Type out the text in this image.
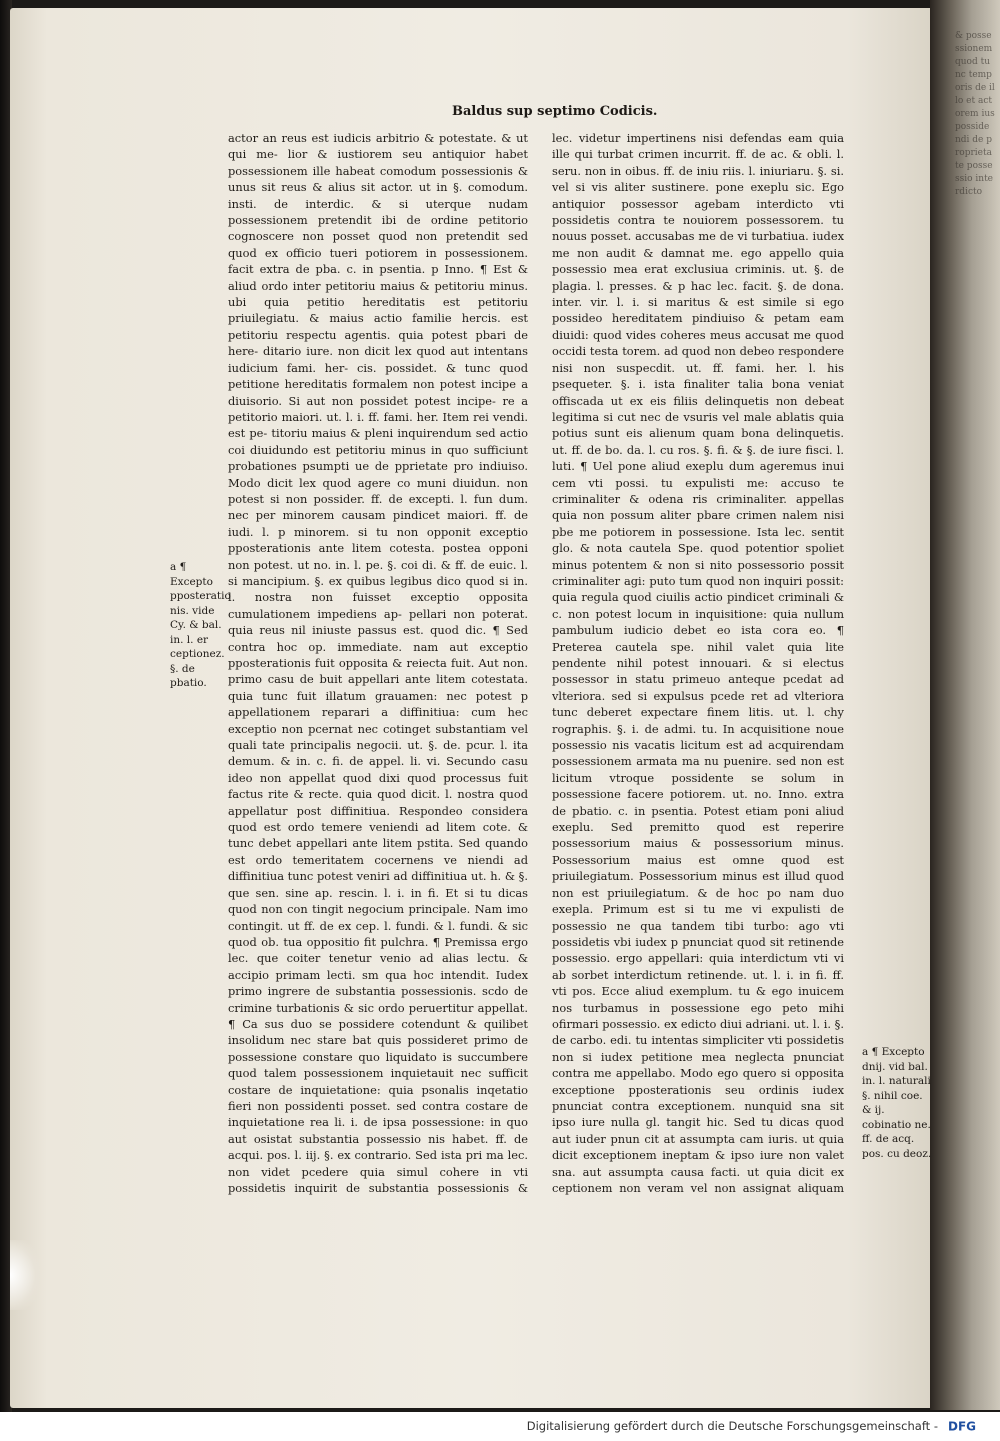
& possessionem quod tunc temporis de illo et actorem ius possidendi de proprietate possessio interdicto
Baldus sup septimo Codicis.
actor an reus est iudicis arbitrio & potestate. & ut qui me- lior & iustiorem seu antiquior habet possessionem ille habeat comodum possessionis & unus sit reus & alius sit actor. ut in §. comodum. insti. de interdic. & si uterque nudam possessionem pretendit ibi de ordine petitorio cognoscere non posset quod non pretendit sed quod ex officio tueri potiorem in possessionem. facit extra de pba. c. in psentia. p Inno. ¶ Est & aliud ordo inter petitoriu maius & petitoriu minus. ubi quia petitio hereditatis est petitoriu priuilegiatu. & maius actio familie hercis. est petitoriu respectu agentis. quia potest pbari de here- ditario iure. non dicit lex quod aut intentans iudicium fami. her- cis. possidet. & tunc quod petitione hereditatis formalem non potest incipe a diuisorio. Si aut non possidet potest incipe- re a petitorio maiori. ut. l. i. ff. fami. her. Item rei vendi. est pe- titoriu maius & pleni inquirendum sed actio coi diuidundo est petitoriu minus in quo sufficiunt probationes psumpti ue de pprietate pro indiuiso. Modo dicit lex quod agere co muni diuidun. non potest si non possider. ff. de excepti. l. fun dum. nec per minorem causam pindicet maiori. ff. de iudi. l. p minorem. si tu non opponit exceptio pposterationis ante litem cotesta. postea opponi non potest. ut no. in. l. pe. §. coi di. & ff. de euic. l. si mancipium. §. ex quibus legibus dico quod si in. l. nostra non fuisset exceptio opposita cumulationem impediens ap- pellari non poterat. quia reus nil iniuste passus est. quod dic. ¶ Sed contra hoc op. immediate. nam aut exceptio pposterationis fuit opposita & reiecta fuit. Aut non. primo casu de buit appellari ante litem cotestata. quia tunc fuit illatum grauamen: nec potest p appellationem reparari a diffinitiua: cum hec exceptio non pcernat nec cotinget substantiam vel quali tate principalis negocii. ut. §. de. pcur. l. ita demum. & in. c. fi. de appel. li. vi. Secundo casu ideo non appellat quod dixi quod processus fuit factus rite & recte. quia quod dicit. l. nostra quod appellatur post diffinitiua. Respondeo considera quod est ordo temere veniendi ad litem cote. & tunc debet appellari ante litem pstita. Sed quando est ordo temeritatem cocernens ve niendi ad diffinitiua tunc potest veniri ad diffinitiua ut. h. & §. que sen. sine ap. rescin. l. i. in fi. Et si tu dicas quod non con tingit negocium principale. Nam imo contingit. ut ff. de ex cep. l. fundi. & l. fundi. & sic quod ob. tua oppositio fit pulchra. ¶ Premissa ergo lec. que coiter tenetur venio ad alias lectu. & accipio primam lecti. sm qua hoc intendit. Iudex primo ingrere de substantia possessionis. scdo de crimine turbationis & sic ordo peruertitur appellat. ¶ Ca sus duo se possidere cotendunt & quilibet insolidum nec stare bat quis possideret primo de possessione constare quo liquidato is succumbere quod talem possessionem inquietauit nec sufficit costare de inquietatione: quia psonalis inqetatio fieri non possidenti posset. sed contra costare de inquietatione rea li. i. de ipsa possessione: in quo aut osistat substantia possessio nis habet. ff. de acqui. pos. l. iij. §. ex contrario. Sed ista pri ma lec. non videt pcedere quia simul cohere in vti possidetis inquirit de substantia possessionis &
lec. videtur impertinens nisi defendas eam quia ille qui turbat crimen incurrit. ff. de ac. & obli. l. seru. non in oibus. ff. de iniu riis. l. iniuriaru. §. si. vel si vis aliter sustinere. pone exeplu sic. Ego antiquior possessor agebam interdicto vti possidetis contra te nouiorem possessorem. tu nouus posset. accusabas me de vi turbatiua. iudex me non audit & damnat me. ego appello quia possessio mea erat exclusiua criminis. ut. §. de plagia. l. presses. & p hac lec. facit. §. de dona. inter. vir. l. i. si maritus & est simile si ego possideo hereditatem pindiuiso & petam eam diuidi: quod vides coheres meus accusat me quod occidi testa torem. ad quod non debeo respondere nisi non suspecdit. ut. ff. fami. her. l. his psequeter. §. i. ista finaliter talia bona veniat offiscada ut ex eis filiis delinquetis non debeat legitima si cut nec de vsuris vel male ablatis quia potius sunt eis alienum quam bona delinquetis. ut. ff. de bo. da. l. cu ros. §. fi. & §. de iure fisci. l. luti. ¶ Uel pone aliud exeplu dum ageremus inui cem vti possi. tu expulisti me: accuso te criminaliter & odena ris criminaliter. appellas quia non possum aliter pbare crimen nalem nisi pbe me potiorem in possessione. Ista lec. sentit glo. & nota cautela Spe. quod potentior spoliet minus potentem & non si nito possessorio possit criminaliter agi: puto tum quod non inquiri possit: quia regula quod ciuilis actio pindicet criminali & c. non potest locum in inquisitione: quia nullum pambulum iudicio debet eo ista cora eo. ¶ Preterea cautela spe. nihil valet quia lite pendente nihil potest innouari. & si electus possessor in statu primeuo anteque pcedat ad vlteriora. sed si expulsus pcede ret ad vlteriora tunc deberet expectare finem litis. ut. l. chy rographis. §. i. de admi. tu. In acquisitione noue possessio nis vacatis licitum est ad acquirendam possessionem armata ma nu puenire. sed non est licitum vtroque possidente se solum in possessione facere potiorem. ut. no. Inno. extra de pbatio. c. in psentia. Potest etiam poni aliud exeplu. Sed premitto quod est reperire possessorium maius & possessorium minus. Possessorium maius est omne quod est priuilegiatum. Possessorium minus est illud quod non est priuilegiatum. & de hoc po nam duo exepla. Primum est si tu me vi expulisti de possessio ne qua tandem tibi turbo: ago vti possidetis vbi iudex p pnunciat quod sit retinende possessio. ergo appellari: quia interdictum vti vi ab sorbet interdictum retinende. ut. l. i. in fi. ff. vti pos. Ecce aliud exemplum. tu & ego inuicem nos turbamus in possessione ego peto mihi ofirmari possessio. ex edicto diui adriani. ut. l. i. §. de carbo. edi. tu intentas simpliciter vti possidetis non si iudex petitione mea neglecta pnunciat contra me appellabo. Modo ego quero si opposita exceptione pposterationis seu ordinis iudex pnunciat contra exceptionem. nunquid sna sit ipso iure nulla gl. tangit hic. Sed tu dicas quod aut iuder pnun cit at assumpta cam iuris. ut quia dicit exceptionem ineptam & ipso iure non valet sna. aut assumpta causa facti. ut quia dicit ex ceptionem non veram vel non assignat aliquam
a ¶ Excepto pposteratio nis. vide Cy. & bal. in. l. er ceptionez. §. de pbatio.
a ¶ Excepto dnij. vid bal. in. l. naturali §. nihil coe. & ij. cobinatio ne. ff. de acq. pos. cu deoz.
Digitalisierung gefördert durch die Deutsche Forschungsgemeinschaft - DFG
